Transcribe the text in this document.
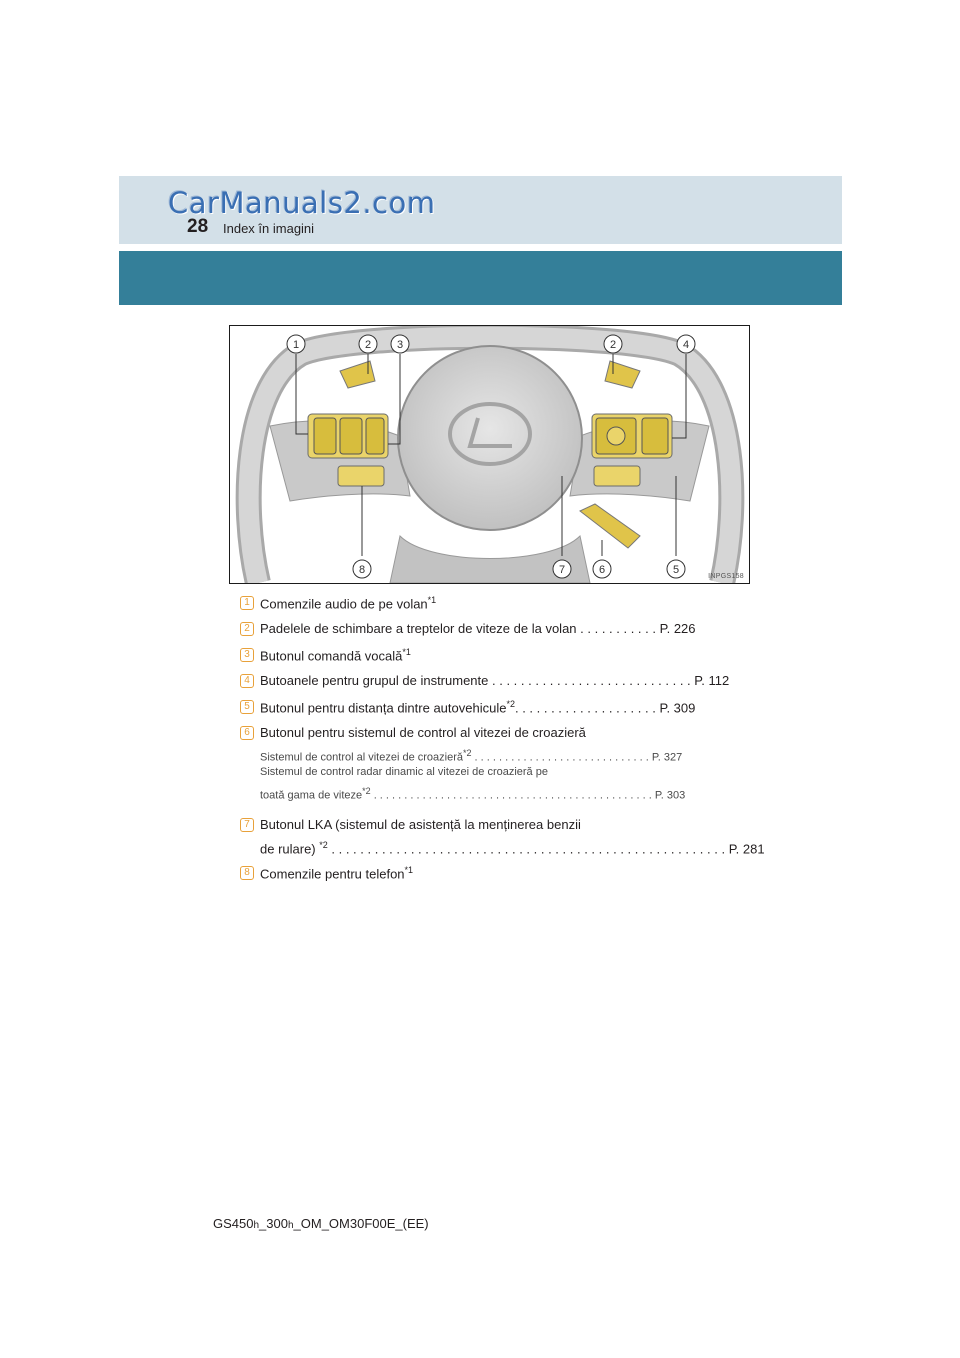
CarManuals2.com
28 Index în imagini
1	2 3	2	4
8	7	6	5
INPGS158
1 Comenzile audio de pe volan$^{*1}$
2 Padelele de schimbare a treptelor de viteze de la volan . . . . . . . . . . . P. 226
3 Butonul comandă vocală$^{*1}$
4 Butoanele pentru grupul de instrumente . . . . . . . . . . . . . . . . . . . . . . . . . . . . P. 112
5 Butonul pentru distanța dintre autovehicule$^{*2}$. . . . . . . . . . . . . . . . . . . . P. 309
6 Butonul pentru sistemul de control al vitezei de croazieră
Sistemul de control al vitezei de croazieră$^{*2}$ . . . . . . . . . . . . . . . . . . . . . . . . . . . . . P. 327
Sistemul de control radar dinamic al vitezei de croazieră pe
toată gama de viteze$^{*2}$ . . . . . . . . . . . . . . . . . . . . . . . . . . . . . . . . . . . . . . . . . . . . . . P. 303
7 Butonul LKA (sistemul de asistență la menținerea benzii
de rulare) $^{*2}$ . . . . . . . . . . . . . . . . . . . . . . . . . . . . . . . . . . . . . . . . . . . . . . . . . . . . . . . P. 281
8 Comenzile pentru telefon$^{*1}$
GS450h_300h_OM_OM30F00E_(EE)
